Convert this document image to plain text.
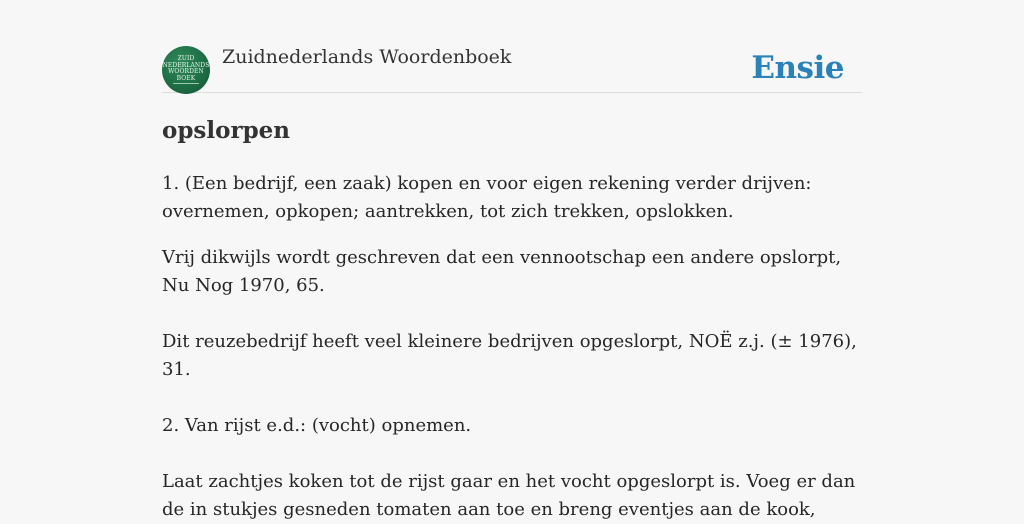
ZUID
NEDERLANDS
WOORDEN
BOEK
Zuidnederlands Woordenboek	Ensie
opslorpen

1. (Een bedrijf, een zaak) kopen en voor eigen rekening verder drijven: overnemen, opkopen; aantrekken, tot zich trekken, opslokken.

Vrij dikwijls wordt geschreven dat een vennootschap een andere opslorpt, Nu Nog 1970, 65.

Dit reuzebedrijf heeft veel kleinere bedrijven opgeslorpt, NOË z.j. (± 1976), 31.

2. Van rijst e.d.: (vocht) opnemen.

Laat zachtjes koken tot de rijst gaar en het vocht opgeslorpt is. Voeg er dan de in stukjes gesneden tomaten aan toe en breng eventjes aan de kook,
